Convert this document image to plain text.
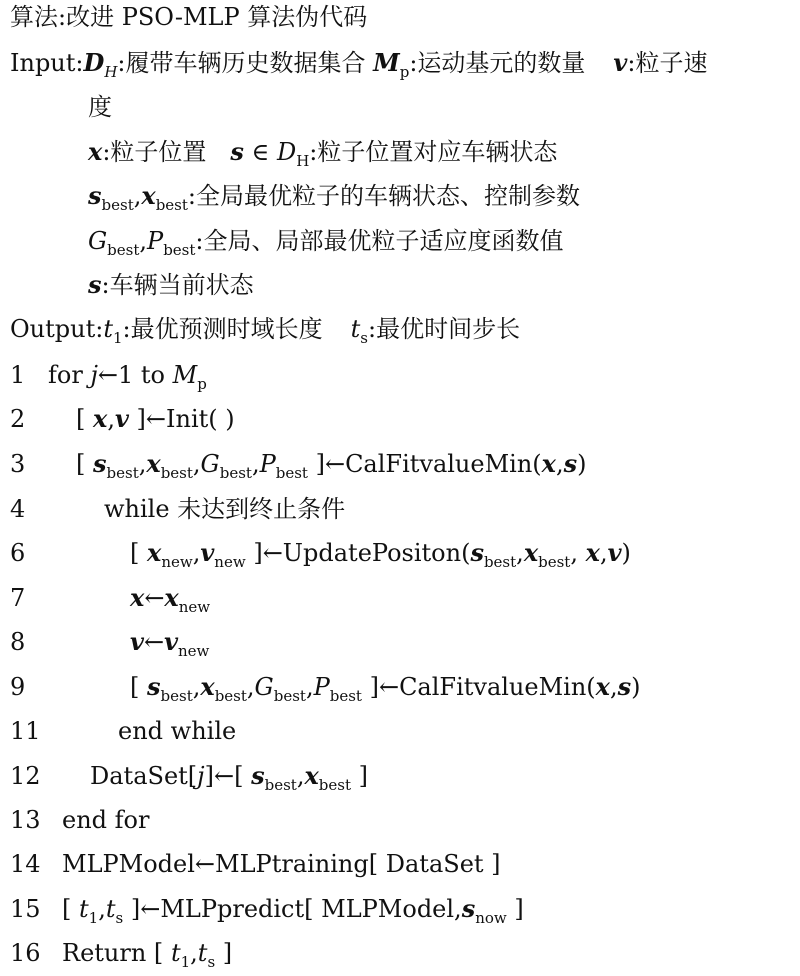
算法:改进 PSO-MLP 算法伪代码
$Input:D_H$:履带车辆历史数据集合 $M_p$:运动基元的数量 v:粒子速
度
x:粒子位置 s ∈ $D_H$:粒子位置对应车辆状态
$s_{best},x_{best}$:全局最优粒子的车辆状态、控制参数
$G_{best},P_{best}$:全局、局部最优粒子适应度函数值
s:车辆当前状态
$Output:t_1$:最优预测时域长度 $t_s$:最优时间步长
1 for j←1 to $M_p$
2	[ x,v ]←Init( )
3	[ $s_{best},x_{best},G_{best},P_{best}$ ]←CalFitvalueMin(x,s)
4	while 未达到终止条件
6	[ $x_{new},v_{new}$ ]$\leftarrow UpdatePositon(s_{best},x_{best}$, x,v)
7	$x\leftarrow x_{new}$
8	$v\leftarrow v_{new}$
9	[ $s_{best},x_{best},G_{best},P_{best}$ ]←CalFitvalueMin(x,s)
11	end while
12 DataSet[j]←[ $s_{best},x_{best}$ ]
13 end for
14 MLPModel←MLPtraining[ DataSet ]
15 [ $t_1,t_s$ ]←MLPpredict[ $MLPModel,s_{now}$ ]
16 Return [ $t_1,t_s$ ]
